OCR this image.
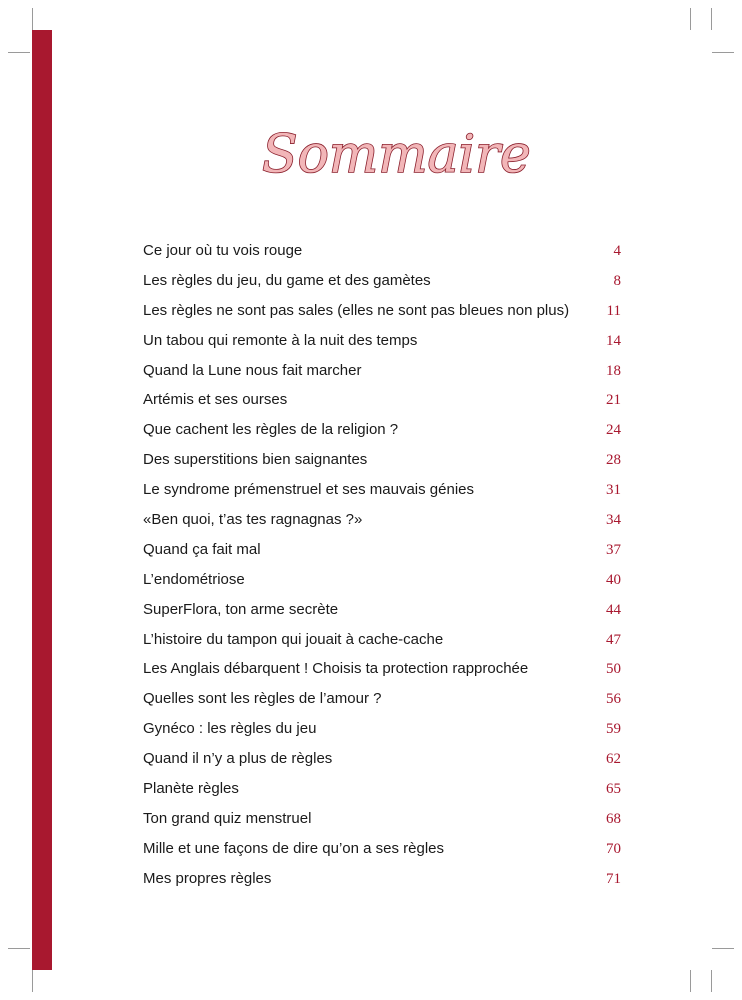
Sommaire
Ce jour où tu vois rouge	4
Les règles du jeu, du game et des gamètes	8
Les règles ne sont pas sales (elles ne sont pas bleues non plus)	11
Un tabou qui remonte à la nuit des temps	14
Quand la Lune nous fait marcher	18
Artémis et ses ourses	21
Que cachent les règles de la religion ?	24
Des superstitions bien saignantes	28
Le syndrome prémenstruel et ses mauvais génies	31
«Ben quoi, t’as tes ragnagnas ?»	34
Quand ça fait mal	37
L’endométriose	40
SuperFlora, ton arme secrète	44
L’histoire du tampon qui jouait à cache-cache	47
Les Anglais débarquent ! Choisis ta protection rapprochée	50
Quelles sont les règles de l’amour ?	56
Gynéco : les règles du jeu	59
Quand il n’y a plus de règles	62
Planète règles	65
Ton grand quiz menstruel	68
Mille et une façons de dire qu’on a ses règles	70
Mes propres règles	71
